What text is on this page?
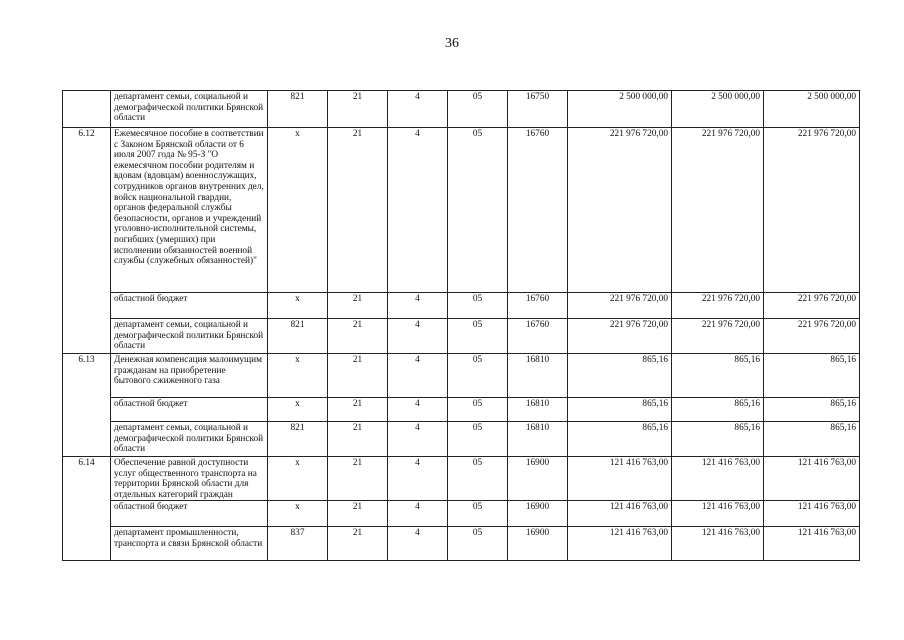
36
	департамент семьи, социальной и демографической политики Брянской области	821	21	4	05	16750	2 500 000,00	2 500 000,00	2 500 000,00
6.12	Ежемесячное пособие в соответствии с Законом Брянской области от 6 июля 2007 года № 95-З "О ежемесячном пособии родителям и вдовам (вдовцам) военнослужащих, сотрудников органов внутренних дел, войск национальной гвардии, органов федеральной службы безопасности, органов и учреждений уголовно-исполнительной системы, погибших (умерших) при исполнении обязанностей военной службы (служебных обязанностей)"	х	21	4	05	16760	221 976 720,00	221 976 720,00	221 976 720,00
	областной бюджет	х	21	4	05	16760	221 976 720,00	221 976 720,00	221 976 720,00
	департамент семьи, социальной и демографической политики Брянской области	821	21	4	05	16760	221 976 720,00	221 976 720,00	221 976 720,00
6.13	Денежная компенсация малоимущим гражданам на приобретение бытового сжиженного газа	х	21	4	05	16810	865,16	865,16	865,16
	областной бюджет	х	21	4	05	16810	865,16	865,16	865,16
	департамент семьи, социальной и демографической политики Брянской области	821	21	4	05	16810	865,16	865,16	865,16
6.14	Обеспечение равной доступности услуг общественного транспорта на территории Брянской области для отдельных категорий граждан	х	21	4	05	16900	121 416 763,00	121 416 763,00	121 416 763,00
	областной бюджет	х	21	4	05	16900	121 416 763,00	121 416 763,00	121 416 763,00
	департамент промышленности, транспорта и связи Брянской области	837	21	4	05	16900	121 416 763,00	121 416 763,00	121 416 763,00
